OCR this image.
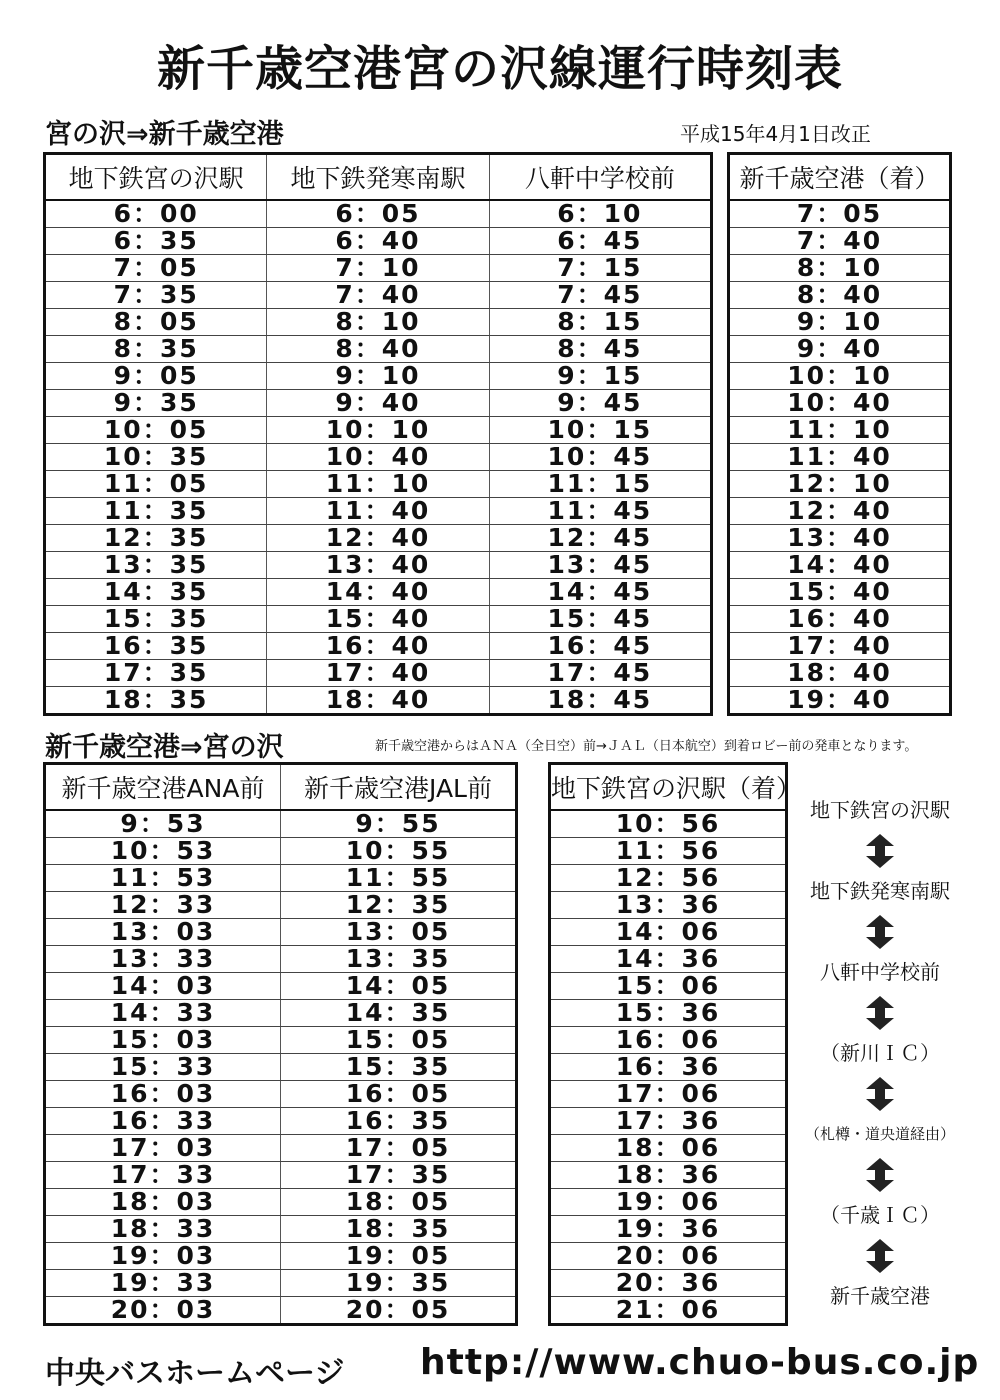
新千歳空港宮の沢線運行時刻表
宮の沢⇒新千歳空港	平成15年4月1日改正
地下鉄宮の沢駅	地下鉄発寒南駅	八軒中学校前
6：00	6：05	6：10
6：35	6：40	6：45
7：05	7：10	7：15
7：35	7：40	7：45
8：05	8：10	8：15
8：35	8：40	8：45
9：05	9：10	9：15
9：35	9：40	9：45
10：05	10：10	10：15
10：35	10：40	10：45
11：05	11：10	11：15
11：35	11：40	11：45
12：35	12：40	12：45
13：35	13：40	13：45
14：35	14：40	14：45
15：35	15：40	15：45
16：35	16：40	16：45
17：35	17：40	17：45
18：35	18：40	18：45
新千歳空港（着）
7：05
7：40
8：10
8：40
9：10
9：40
10：10
10：40
11：10
11：40
12：10
12：40
13：40
14：40
15：40
16：40
17：40
18：40
19：40
新千歳空港⇒宮の沢	新千歳空港からはＡＮＡ（全日空）前→ＪＡＬ（日本航空）到着ロビー前の発車となります。
新千歳空港ANA前	新千歳空港JAL前
9：53	9：55
10：53	10：55
11：53	11：55
12：33	12：35
13：03	13：05
13：33	13：35
14：03	14：05
14：33	14：35
15：03	15：05
15：33	15：35
16：03	16：05
16：33	16：35
17：03	17：05
17：33	17：35
18：03	18：05
18：33	18：35
19：03	19：05
19：33	19：35
20：03	20：05
地下鉄宮の沢駅（着）
10：56
11：56
12：56
13：36
14：06
14：36
15：06
15：36
16：06
16：36
17：06
17：36
18：06
18：36
19：06
19：36
20：06
20：36
21：06
地下鉄宮の沢駅
地下鉄発寒南駅
八軒中学校前
（新川ＩＣ）
（札樽・道央道経由）
（千歳ＩＣ）
新千歳空港
中央バスホームページ http://www.chuo-bus.co.jp
